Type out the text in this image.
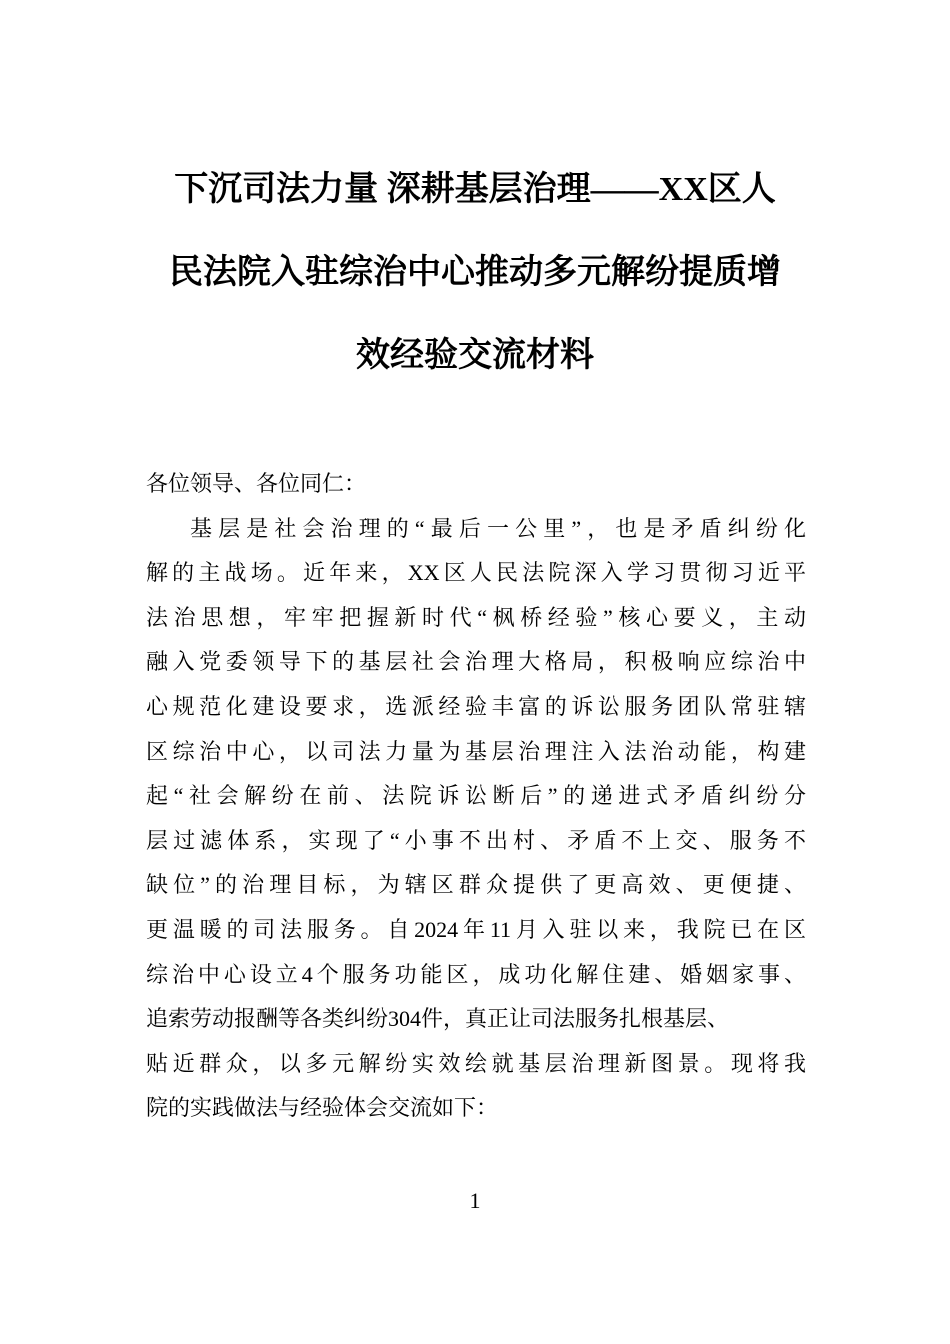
下沉司法力量 深耕基层治理——XX区人
民法院入驻综治中心推动多元解纷提质增
效经验交流材料
各位领导、各位同仁：
基层是社会治理的“最后一公里”，也是矛盾纠纷化
解的主战场。近年来，XX区人民法院深入学习贯彻习近平
法治思想，牢牢把握新时代“枫桥经验”核心要义，主动
融入党委领导下的基层社会治理大格局，积极响应综治中
心规范化建设要求，选派经验丰富的诉讼服务团队常驻辖
区综治中心，以司法力量为基层治理注入法治动能，构建
起“社会解纷在前、法院诉讼断后”的递进式矛盾纠纷分
层过滤体系，实现了“小事不出村、矛盾不上交、服务不
缺位”的治理目标，为辖区群众提供了更高效、更便捷、
更温暖的司法服务。自2024年11月入驻以来，我院已在区
综治中心设立4个服务功能区，成功化解住建、婚姻家事、
追索劳动报酬等各类纠纷304件，真正让司法服务扎根基层、
贴近群众，以多元解纷实效绘就基层治理新图景。现将我
院的实践做法与经验体会交流如下：
1
